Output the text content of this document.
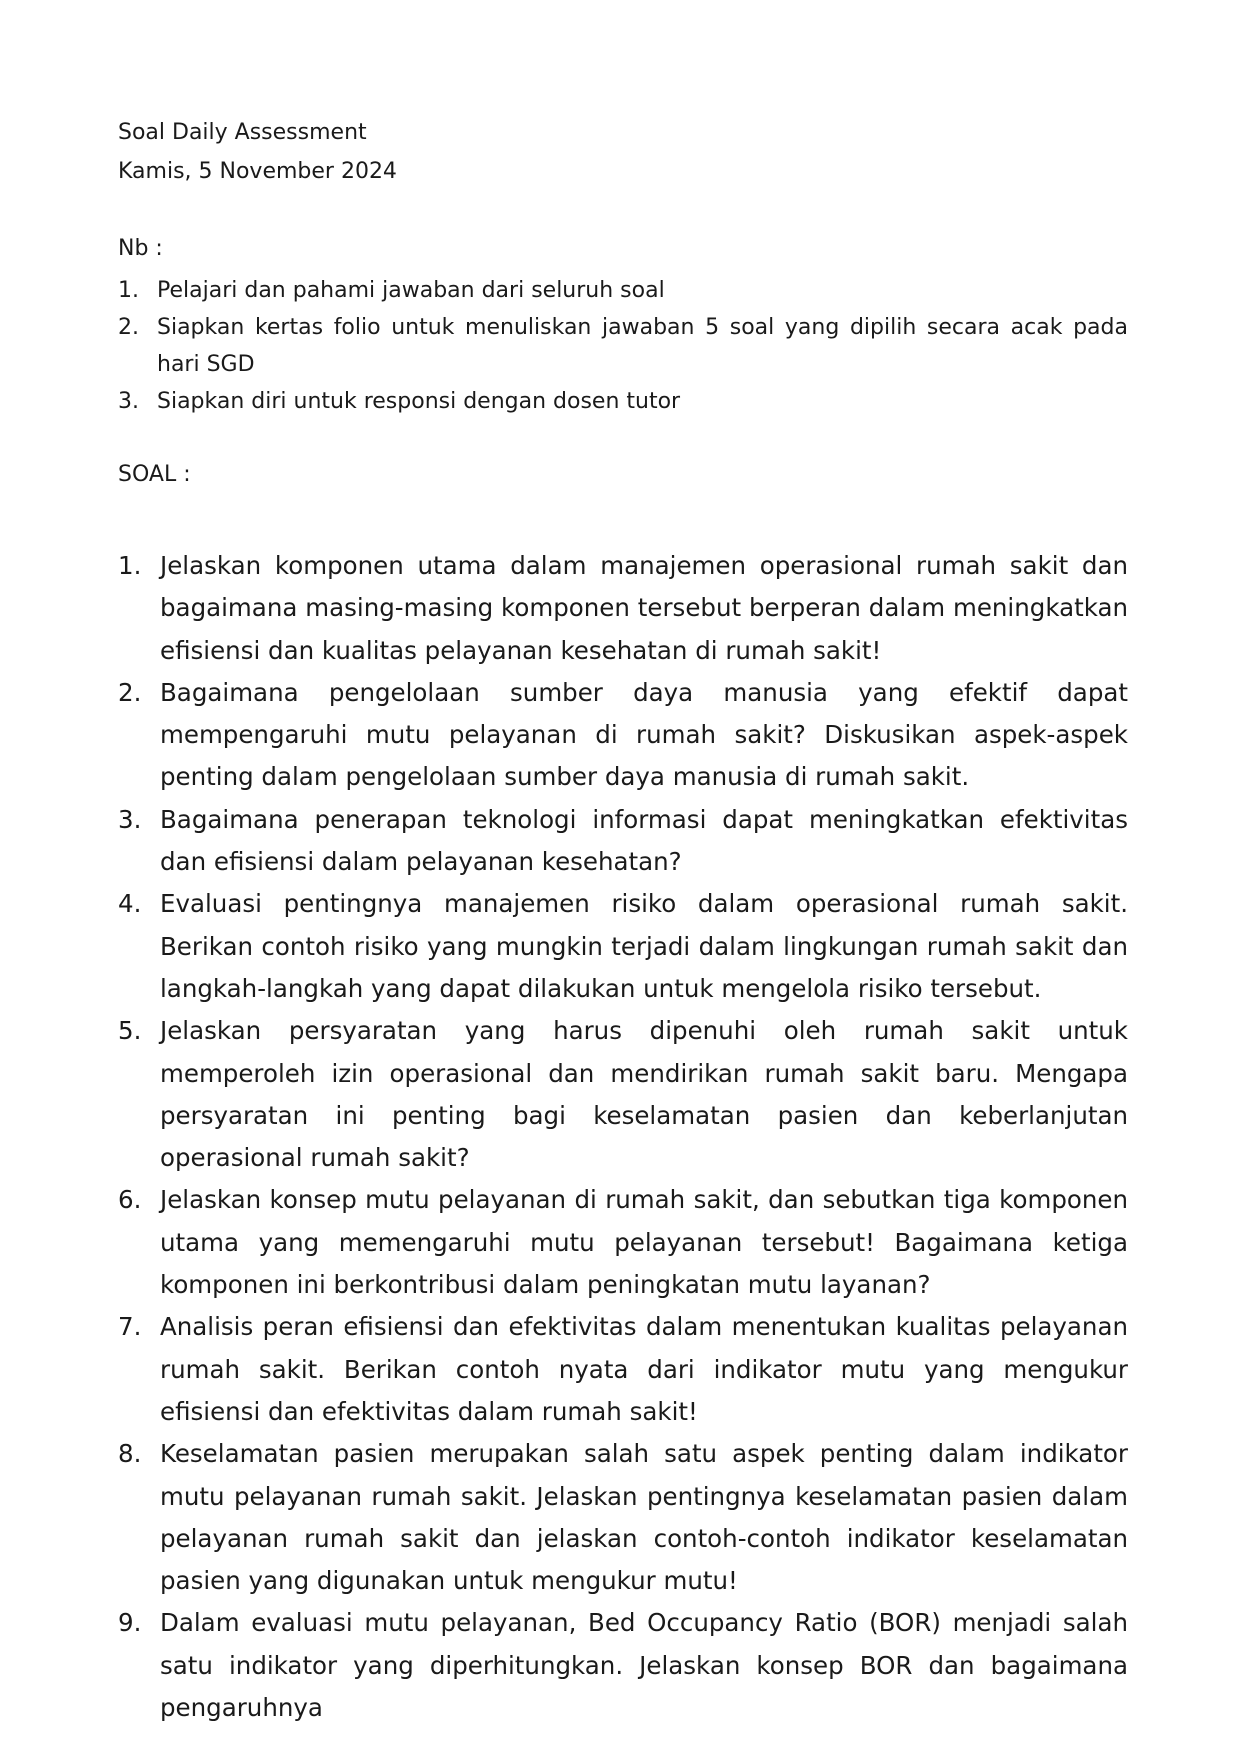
Soal Daily Assessment
Kamis, 5 November 2024
Nb :
1. Pelajari dan pahami jawaban dari seluruh soal
2. Siapkan kertas folio untuk menuliskan jawaban 5 soal yang dipilih secara acak pada hari SGD
3. Siapkan diri untuk responsi dengan dosen tutor
SOAL :
1. Jelaskan komponen utama dalam manajemen operasional rumah sakit dan bagaimana masing-masing komponen tersebut berperan dalam meningkatkan efisiensi dan kualitas pelayanan kesehatan di rumah sakit!
2. Bagaimana pengelolaan sumber daya manusia yang efektif dapat mempengaruhi mutu pelayanan di rumah sakit? Diskusikan aspek-aspek penting dalam pengelolaan sumber daya manusia di rumah sakit.
3. Bagaimana penerapan teknologi informasi dapat meningkatkan efektivitas dan efisiensi dalam pelayanan kesehatan?
4. Evaluasi pentingnya manajemen risiko dalam operasional rumah sakit. Berikan contoh risiko yang mungkin terjadi dalam lingkungan rumah sakit dan langkah-langkah yang dapat dilakukan untuk mengelola risiko tersebut.
5. Jelaskan persyaratan yang harus dipenuhi oleh rumah sakit untuk memperoleh izin operasional dan mendirikan rumah sakit baru. Mengapa persyaratan ini penting bagi keselamatan pasien dan keberlanjutan operasional rumah sakit?
6. Jelaskan konsep mutu pelayanan di rumah sakit, dan sebutkan tiga komponen utama yang memengaruhi mutu pelayanan tersebut! Bagaimana ketiga komponen ini berkontribusi dalam peningkatan mutu layanan?
7. Analisis peran efisiensi dan efektivitas dalam menentukan kualitas pelayanan rumah sakit. Berikan contoh nyata dari indikator mutu yang mengukur efisiensi dan efektivitas dalam rumah sakit!
8. Keselamatan pasien merupakan salah satu aspek penting dalam indikator mutu pelayanan rumah sakit. Jelaskan pentingnya keselamatan pasien dalam pelayanan rumah sakit dan jelaskan contoh-contoh indikator keselamatan pasien yang digunakan untuk mengukur mutu!
9. Dalam evaluasi mutu pelayanan, Bed Occupancy Ratio (BOR) menjadi salah satu indikator yang diperhitungkan. Jelaskan konsep BOR dan bagaimana pengaruhnya
